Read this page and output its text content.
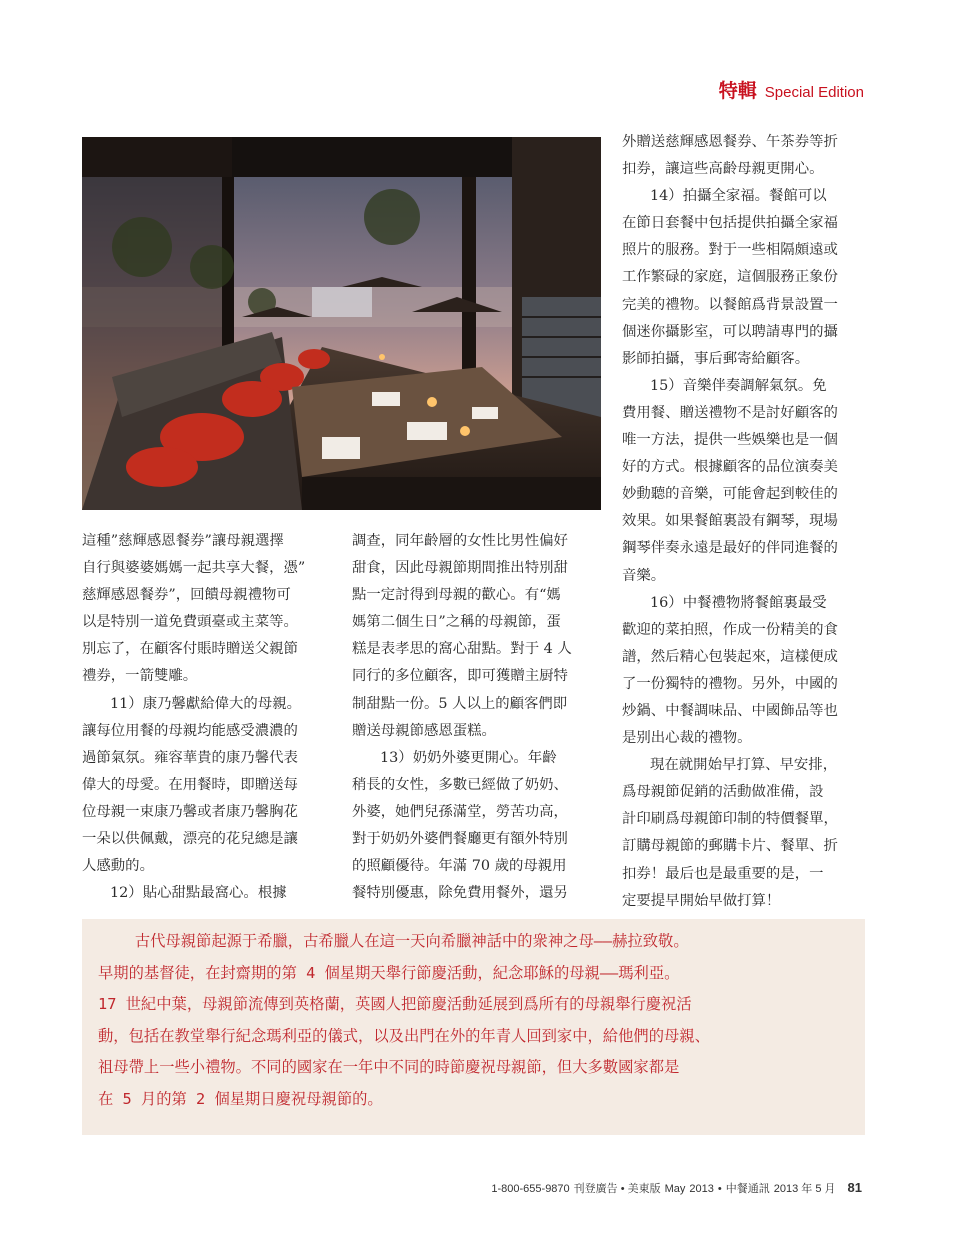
特輯 Special Edition

這種”慈輝感恩餐券”讓母親選擇

自行與婆婆媽媽一起共享大餐，憑”

慈輝感恩餐券”，回饋母親禮物可

以是特別一道免費頭臺或主菜等。

別忘了，在顧客付賬時贈送父親節

禮券，一箭雙雕。

11）康乃馨獻給偉大的母親。

讓每位用餐的母親均能感受濃濃的

過節氣氛。雍容華貴的康乃馨代表

偉大的母愛。在用餐時，即贈送每

位母親一束康乃馨或者康乃馨胸花

一朵以供佩戴，漂亮的花兒總是讓

人感動的。

12）貼心甜點最窩心。根據

調查，同年齡層的女性比男性偏好

甜食，因此母親節期間推出特別甜

點一定討得到母親的歡心。有“媽

媽第二個生日”之稱的母親節，蛋

糕是表孝思的窩心甜點。對于 4 人

同行的多位顧客，即可獲贈主厨特

制甜點一份。5 人以上的顧客們即

贈送母親節感恩蛋糕。

13）奶奶外婆更開心。年齡

稍長的女性，多數已經做了奶奶、

外婆，她們兒孫滿堂，勞苦功高，

對于奶奶外婆們餐廳更有額外特別

的照顧優待。年滿 70 歲的母親用

餐特別優惠，除免費用餐外，還另

外贈送慈輝感恩餐券、午茶券等折

扣券，讓這些高齡母親更開心。

14）拍攝全家福。餐館可以

在節日套餐中包括提供拍攝全家福

照片的服務。對于一些相隔頗遠或

工作繁碌的家庭，這個服務正象份

完美的禮物。以餐館爲背景設置一

個迷你攝影室，可以聘請專門的攝

影師拍攝，事后郵寄給顧客。

15）音樂伴奏調解氣氛。免

費用餐、贈送禮物不是討好顧客的

唯一方法，提供一些娛樂也是一個

好的方式。根據顧客的品位演奏美

妙動聽的音樂，可能會起到較佳的

效果。如果餐館裏設有鋼琴，現場

鋼琴伴奏永遠是最好的伴同進餐的

音樂。

16）中餐禮物將餐館裏最受

歡迎的菜拍照，作成一份精美的食

譜，然后精心包裝起來，這樣便成

了一份獨特的禮物。另外，中國的

炒鍋、中餐調味品、中國飾品等也

是别出心裁的禮物。

現在就開始早打算、早安排，

爲母親節促銷的活動做准備，設

計印刷爲母親節印制的特價餐單，

訂購母親節的郵購卡片、餐單、折

扣券！最后也是最重要的是，一

定要提早開始早做打算！

古代母親節起源于希臘，古希臘人在這一天向希臘神話中的衆神之母——赫拉致敬。

早期的基督徒，在封齋期的第 4 個星期天舉行節慶活動，紀念耶穌的母親——瑪利亞。

17 世紀中葉，母親節流傳到英格蘭，英國人把節慶活動延展到爲所有的母親舉行慶祝活

動，包括在教堂舉行紀念瑪利亞的儀式，以及出門在外的年青人回到家中，給他們的母親、

祖母帶上一些小禮物。不同的國家在一年中不同的時節慶祝母親節，但大多數國家都是

在 5 月的第 2 個星期日慶祝母親節的。

1-800-655-9870 刊登廣告 • 美東版 May 2013 • 中餐通訊 2013 年 5 月 81
